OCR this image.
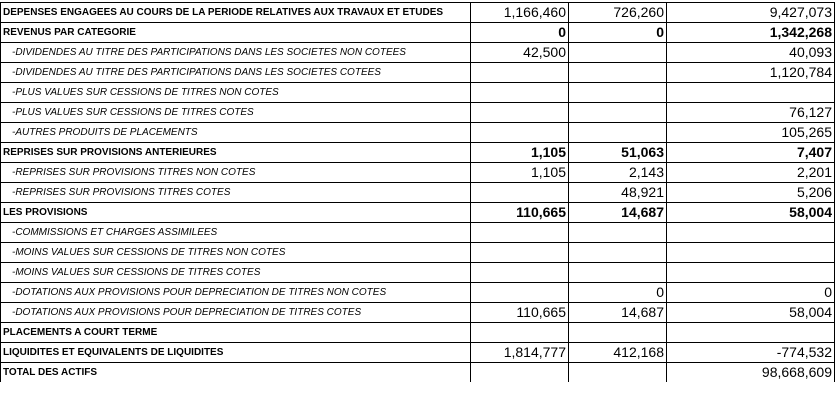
DEPENSES ENGAGEES AU COURS DE LA PERIODE RELATIVES AUX TRAVAUX ET ETUDES	1,166,460	726,260	9,427,073
REVENUS PAR CATEGORIE	0	0	1,342,268
-DIVIDENDES AU TITRE DES PARTICIPATIONS DANS LES SOCIETES NON COTEES	42,500		40,093
-DIVIDENDES AU TITRE DES PARTICIPATIONS DANS LES SOCIETES COTEES			1,120,784
-PLUS VALUES SUR CESSIONS DE TITRES NON COTES			
-PLUS VALUES SUR CESSIONS DE TITRES COTES			76,127
-AUTRES PRODUITS DE PLACEMENTS			105,265
REPRISES SUR PROVISIONS ANTERIEURES	1,105	51,063	7,407
-REPRISES SUR PROVISIONS TITRES NON COTES	1,105	2,143	2,201
-REPRISES SUR PROVISIONS TITRES COTES		48,921	5,206
LES PROVISIONS	110,665	14,687	58,004
-COMMISSIONS ET CHARGES ASSIMILEES			
-MOINS VALUES SUR CESSIONS DE TITRES NON COTES			
-MOINS VALUES SUR CESSIONS DE TITRES COTES			
-DOTATIONS AUX PROVISIONS POUR DEPRECIATION DE TITRES NON COTES		0	0
-DOTATIONS AUX PROVISIONS POUR DEPRECIATION DE TITRES COTES	110,665	14,687	58,004
PLACEMENTS A COURT TERME			
LIQUIDITES ET EQUIVALENTS DE LIQUIDITES	1,814,777	412,168	-774,532
TOTAL DES ACTIFS			98,668,609
